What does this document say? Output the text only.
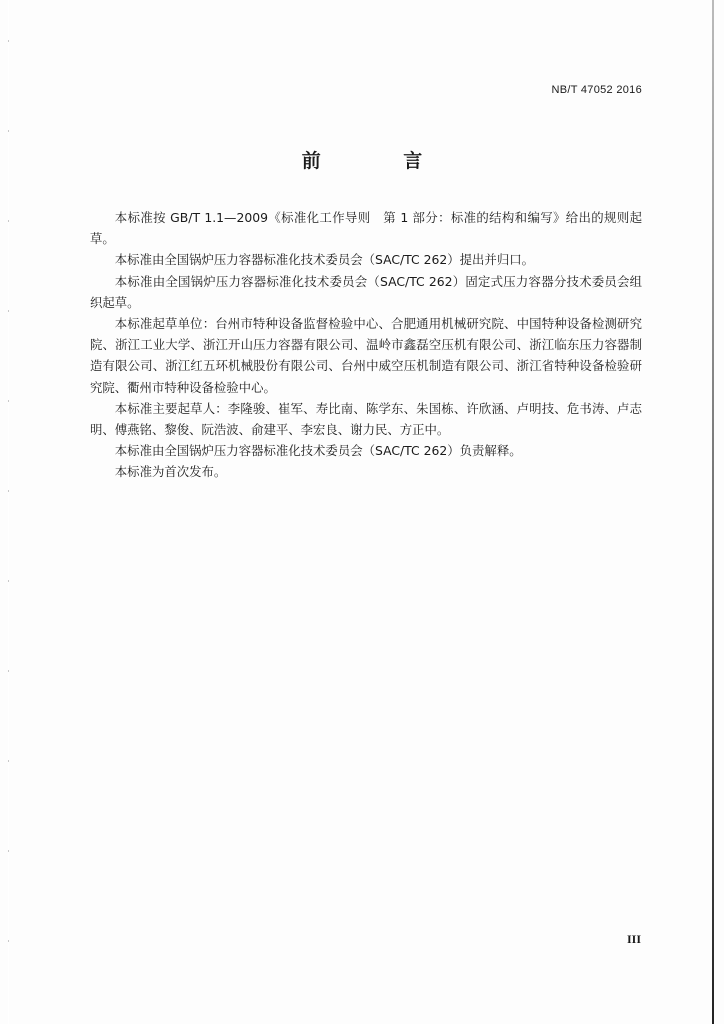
NB/T 47052 2016
前 言

本标准按 GB/T 1.1—2009《标准化工作导则　第 1 部分：标准的结构和编写》给出的规则起草。

本标准由全国锅炉压力容器标准化技术委员会（SAC/TC 262）提出并归口。

本标准由全国锅炉压力容器标准化技术委员会（SAC/TC 262）固定式压力容器分技术委员会组织起草。

本标准起草单位：台州市特种设备监督检验中心、合肥通用机械研究院、中国特种设备检测研究院、浙江工业大学、浙江开山压力容器有限公司、温岭市鑫磊空压机有限公司、浙江临东压力容器制造有限公司、浙江红五环机械股份有限公司、台州中威空压机制造有限公司、浙江省特种设备检验研究院、衢州市特种设备检验中心。

本标准主要起草人：李隆骏、崔军、寿比南、陈学东、朱国栋、许欣涵、卢明技、危书涛、卢志明、傅燕铭、黎俊、阮浩波、俞建平、李宏良、谢力民、方正中。

本标准由全国锅炉压力容器标准化技术委员会（SAC/TC 262）负责解释。

本标准为首次发布。

III
